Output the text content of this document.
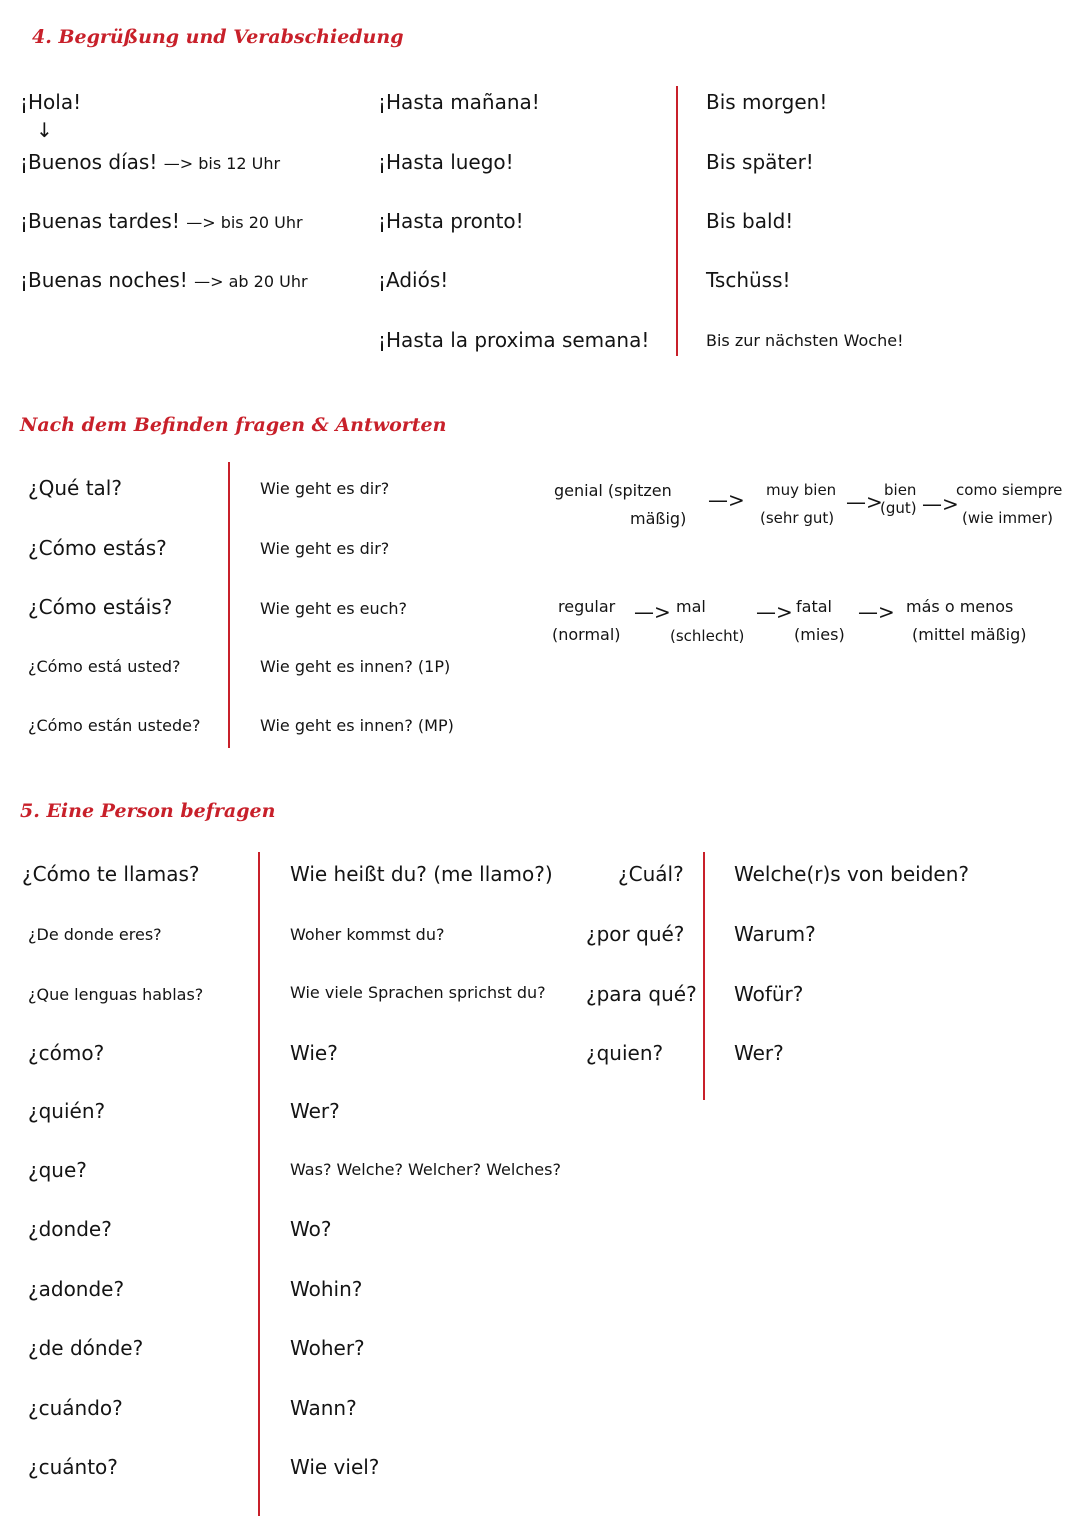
4. Begrüßung und Verabschiedung
¡Hola!
↓
¡Buenos días! —> bis 12 Uhr
¡Buenas tardes! —> bis 20 Uhr
¡Buenas noches! —> ab 20 Uhr
¡Hasta mañana!
¡Hasta luego!
¡Hasta pronto!
¡Adiós!
¡Hasta la proxima semana!
Bis morgen!
Bis später!
Bis bald!
Tschüss!
Bis zur nächsten Woche!
Nach dem Befinden fragen & Antworten
¿Qué tal?
¿Cómo estás?
¿Cómo estáis?
¿Cómo está usted?
¿Cómo están ustede?
Wie geht es dir?
Wie geht es dir?
Wie geht es euch?
Wie geht es innen? (1P)
Wie geht es innen? (MP)
genial (spitzen
mäßig)
—> muy bien
(sehr gut)
—> bien
(gut) —>
como siempre
(wie immer)
regular
(normal)
—> mal
(schlecht)
—> fatal
(mies)
—> más o menos
(mittel mäßig)
5. Eine Person befragen
¿Cómo te llamas?
¿De donde eres?
¿Que lenguas hablas?
¿cómo?
¿quién?
¿que?
¿donde?
¿adonde?
¿de dónde?
¿cuándo?
¿cuánto?
Wie heißt du? (me llamo?)
Woher kommst du?
Wie viele Sprachen sprichst du?
Wie?
Wer?
Was? Welche? Welcher? Welches?
Wo?
Wohin?
Woher?
Wann?
Wie viel?
¿Cuál?
¿por qué?
¿para qué?
¿quien?
Welche(r)s von beiden?
Warum?
Wofür?
Wer?
